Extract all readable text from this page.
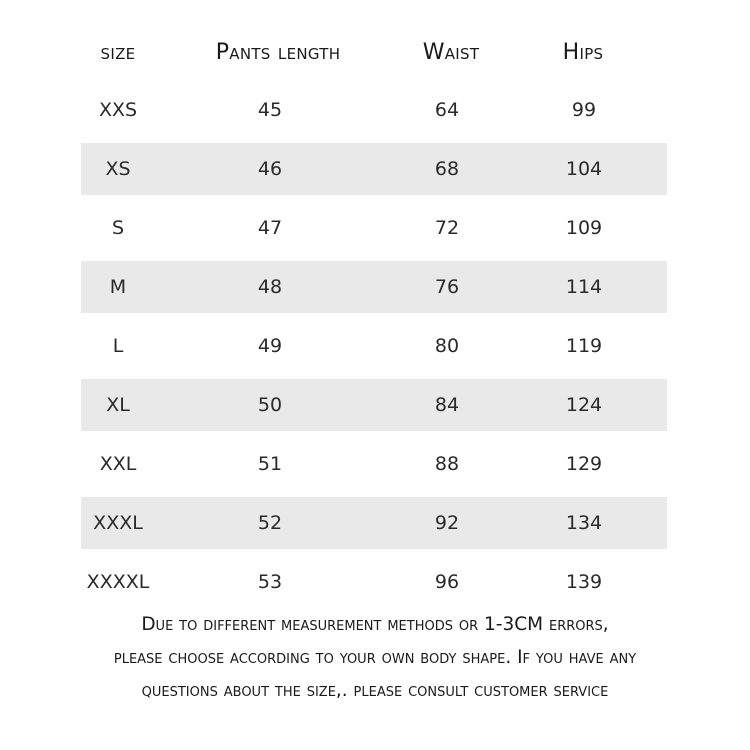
size	Pants length	Waist	Hips
XXS	45	64	99
XS	46	68	104
S	47	72	109
M	48	76	114
L	49	80	119
XL	50	84	124
XXL	51	88	129
XXXL	52	92	134
XXXXL	53	96	139
Due to different measurement methods or 1-3CM errors,
please choose according to your own body shape. If you have any
questions about the size,. please consult customer service
